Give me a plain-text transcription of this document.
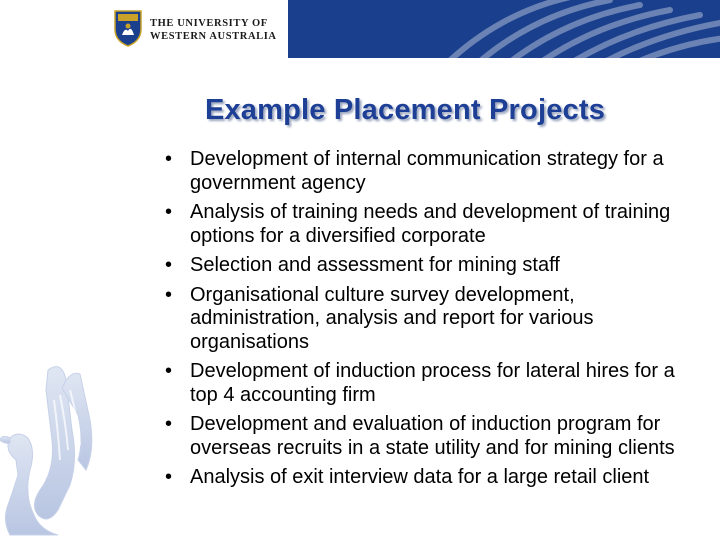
THE UNIVERSITY OF
WESTERN AUSTRALIA
Example Placement Projects
• Development of internal communication strategy for a government agency
• Analysis of training needs and development of training options for a diversified corporate
• Selection and assessment for mining staff
• Organisational culture survey development, administration, analysis and report for various organisations
• Development of induction process for lateral hires for a top 4 accounting firm
• Development and evaluation of induction program for overseas recruits in a state utility and for mining clients
• Analysis of exit interview data for a large retail client
